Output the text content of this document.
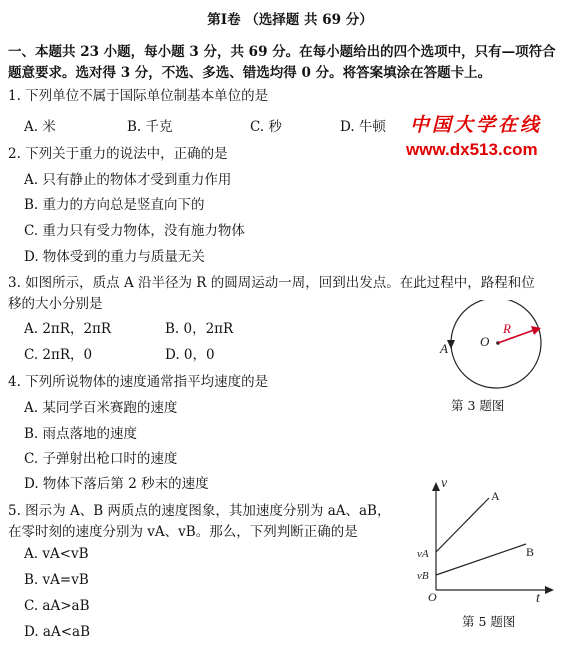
第Ⅰ卷 （选择题 共 69 分）
一、本题共 23 小题，每小题 3 分，共 69 分。在每小题给出的四个选项中，只有—项符合
题意要求。选对得 3 分，不选、多选、错选均得 0 分。将答案填涂在答题卡上。
中国大学在线
www.dx513.com
1. 下列单位不属于国际单位制基本单位的是
A. 米	B. 千克	C. 秒	D. 牛顿
2. 下列关于重力的说法中，正确的是
A. 只有静止的物体才受到重力作用
B. 重力的方向总是竖直向下的
C. 重力只有受力物体，没有施力物体
D. 物体受到的重力与质量无关
3. 如图所示，质点 A 沿半径为 R 的圆周运动一周，回到出发点。在此过程中，路程和位
移的大小分别是
A. 2πR，2πR	B. 0，2πR
C. 2πR，0	D. 0，0	A O
R
第 3 题图
4. 下列所说物体的速度通常指平均速度的是
A. 某同学百米赛跑的速度
B. 雨点落地的速度
C. 子弹射出枪口时的速度
D. 物体下落后第 2 秒末的速度
5. 图示为 A、B 两质点的速度图象，其加速度分别为 aA、aB，
在零时刻的速度分别为 vA、vB。那么，下列判断正确的是
A. vA<vB
B. vA=vB
C. aA>aB
D. aA<aB
v
t
O
A
B
vA
vB
第 5 题图
